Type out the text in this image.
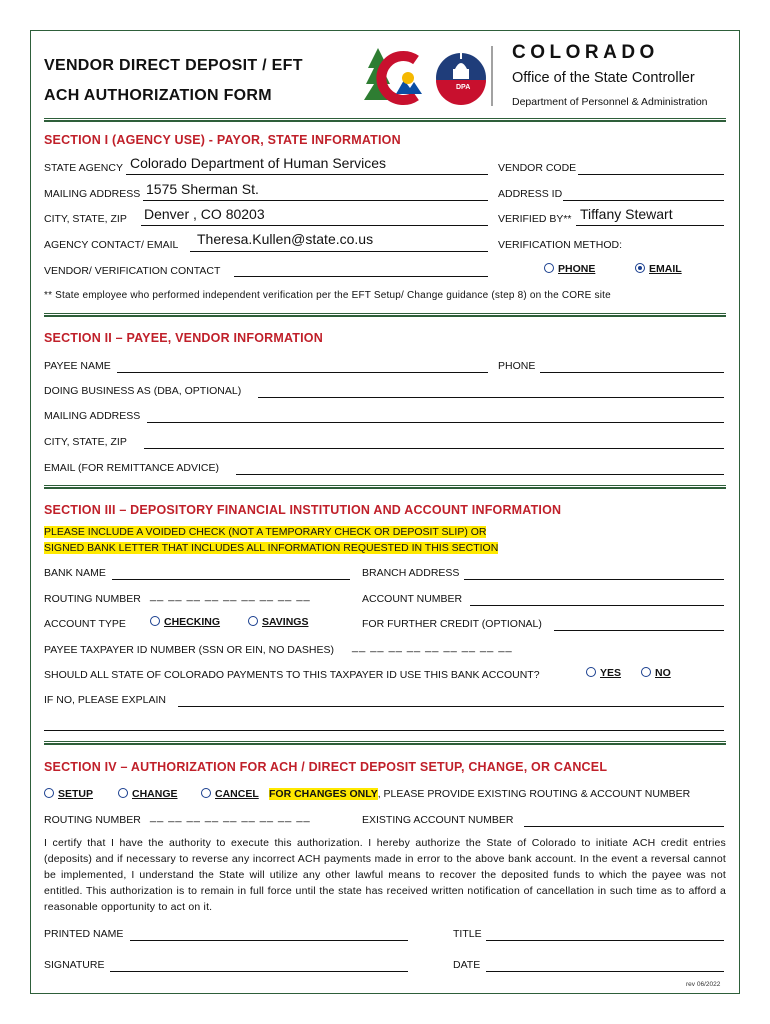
VENDOR DIRECT DEPOSIT / EFT
ACH AUTHORIZATION FORM	DPA
COLORADO
Office of the State Controller
Department of Personnel & Administration
SECTION I (AGENCY USE) - PAYOR, STATE INFORMATION
STATE AGENCY Colorado Department of Human Services	VENDOR CODE
MAILING ADDRESS 1575 Sherman St.	ADDRESS ID
CITY, STATE, ZIP Denver , CO 80203	VERIFIED BY** Tiffany Stewart
AGENCY CONTACT/ EMAIL Theresa.Kullen@state.co.us	VERIFICATION METHOD:
VENDOR/ VERIFICATION CONTACT	PHONE	EMAIL
** State employee who performed independent verification per the EFT Setup/ Change guidance (step 8) on the CORE site
SECTION II – PAYEE, VENDOR INFORMATION
PAYEE NAME	PHONE
DOING BUSINESS AS (DBA, OPTIONAL)
MAILING ADDRESS
CITY, STATE, ZIP
EMAIL (FOR REMITTANCE ADVICE)
SECTION III – DEPOSITORY FINANCIAL INSTITUTION AND ACCOUNT INFORMATION
PLEASE INCLUDE A VOIDED CHECK (NOT A TEMPORARY CHECK OR DEPOSIT SLIP) OR
SIGNED BANK LETTER THAT INCLUDES ALL INFORMATION REQUESTED IN THIS SECTION
BANK NAME	BRANCH ADDRESS
ROUTING NUMBER __ __ __ __ __ __ __ __ __	ACCOUNT NUMBER
ACCOUNT TYPE	CHECKING	SAVINGS	FOR FURTHER CREDIT (OPTIONAL)
PAYEE TAXPAYER ID NUMBER (SSN OR EIN, NO DASHES) __ __ __ __ __ __ __ __ __
SHOULD ALL STATE OF COLORADO PAYMENTS TO THIS TAXPAYER ID USE THIS BANK ACCOUNT?	YES	NO
IF NO, PLEASE EXPLAIN
SECTION IV – AUTHORIZATION FOR ACH / DIRECT DEPOSIT SETUP, CHANGE, OR CANCEL
SETUP	CHANGE	CANCEL FOR CHANGES ONLY, PLEASE PROVIDE EXISTING ROUTING & ACCOUNT NUMBER
ROUTING NUMBER __ __ __ __ __ __ __ __ __	EXISTING ACCOUNT NUMBER
I certify that I have the authority to execute this authorization. I hereby authorize the State of Colorado to initiate ACH credit entries (deposits) and if necessary to reverse any incorrect ACH payments made in error to the above bank account. In the event a reversal cannot be implemented, I understand the State will utilize any other lawful means to recover the deposited funds to which the payee was not entitled. This authorization is to remain in full force until the state has received written notification of cancellation in such time as to afford a reasonable opportunity to act on it.
PRINTED NAME	TITLE
SIGNATURE	DATE
rev 06/2022
